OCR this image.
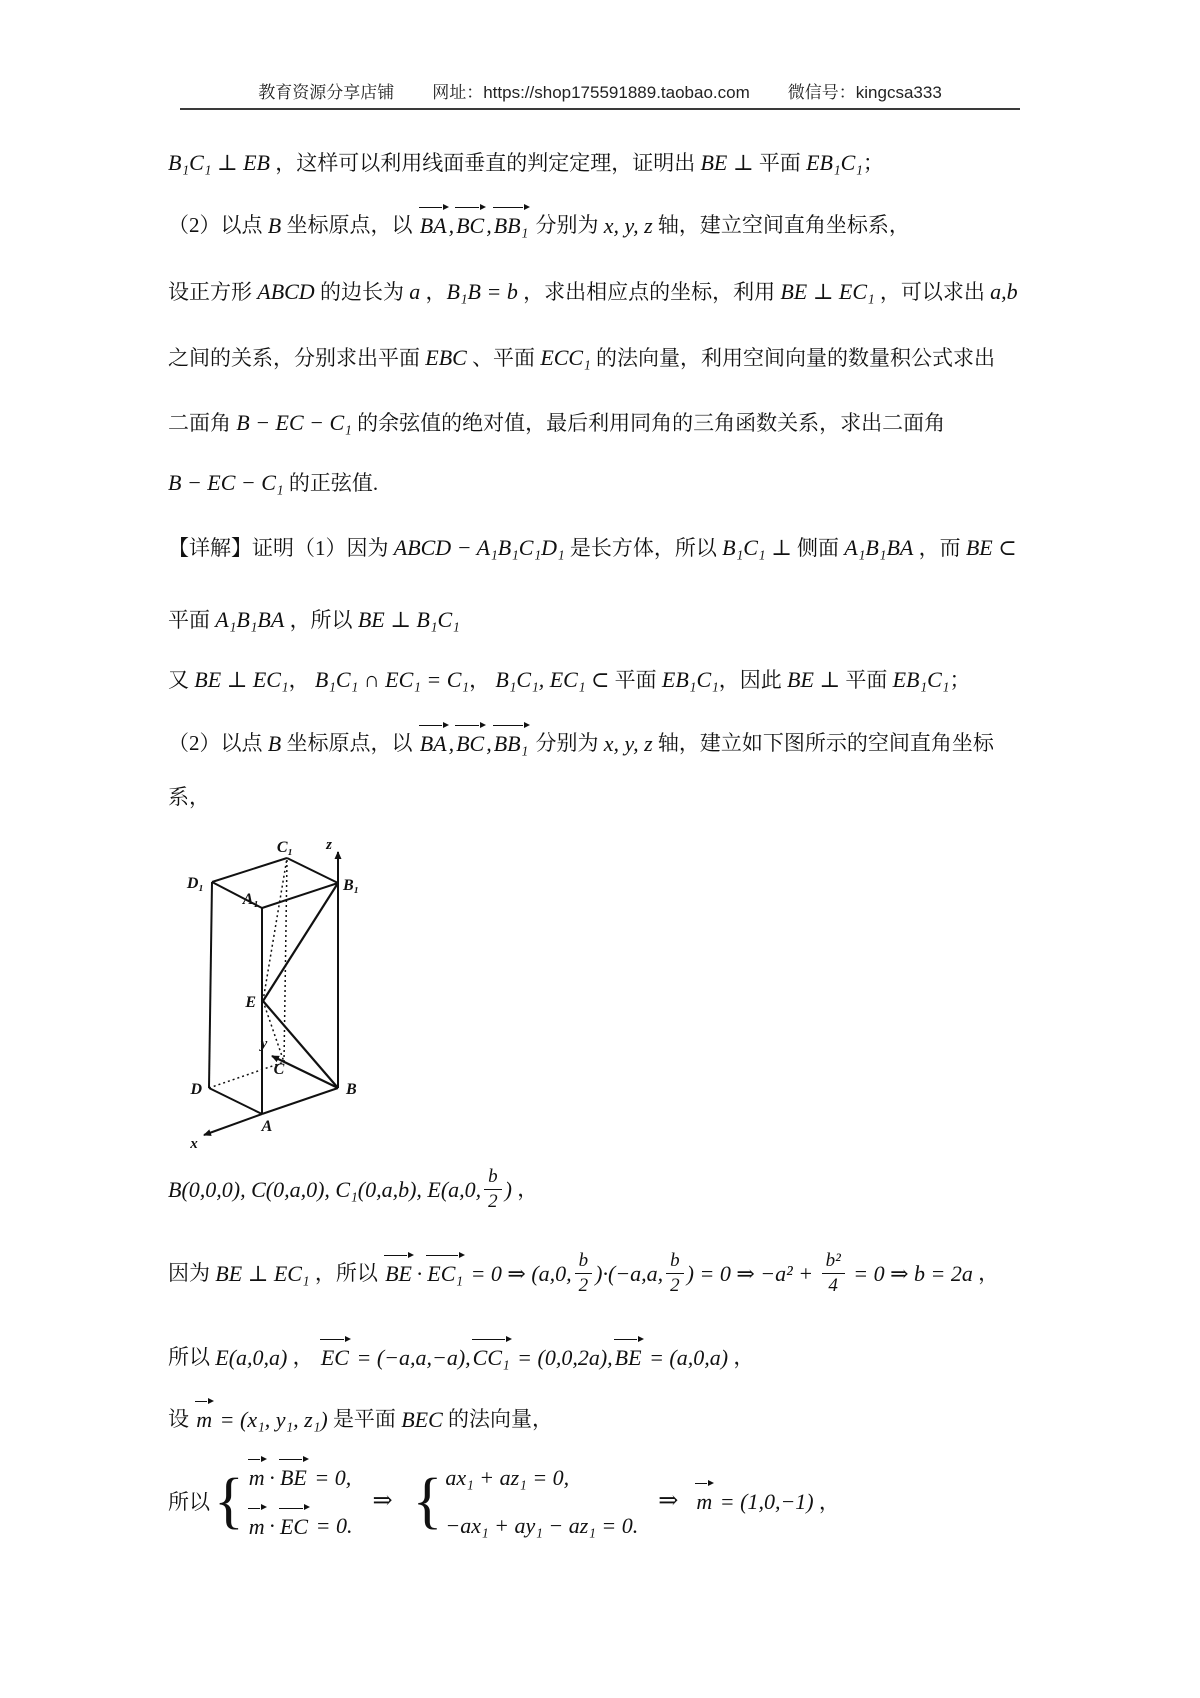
教育资源分享店铺 网址：https://shop175591889.taobao.com 微信号：kingcsa333
B₁C₁ ⊥ EB ，这样可以利用线面垂直的判定定理，证明出 BE ⊥ 平面 EB₁C₁ ；
（2）以点 B 坐标原点，以 BA , BC , BB₁ 分别为 x, y, z 轴，建立空间直角坐标系，
设正方形 ABCD 的边长为 a ， B₁B = b ，求出相应点的坐标，利用 BE ⊥ EC₁ ，可以求出 a,b
之间的关系，分别求出平面 EBC 、平面 ECC₁ 的法向量，利用空间向量的数量积公式求出
二面角 B − EC − C₁ 的余弦值的绝对值，最后利用同角的三角函数关系，求出二面角
B − EC − C₁ 的正弦值.
【详解】证明（1）因为 ABCD − A₁B₁C₁D₁ 是长方体，所以 B₁C₁ ⊥ 侧面 A₁B₁BA ，而 BE ⊂
平面 A₁B₁BA ，所以 BE ⊥ B₁C₁
又 BE ⊥ EC₁ ， B₁C₁ ∩ EC₁ = C₁ ， B₁C₁, EC₁ ⊂ 平面 EB₁C₁ ，因此 BE ⊥ 平面 EB₁C₁ ；
（2）以点 B 坐标原点，以 BA , BC , BB₁ 分别为 x, y, z 轴，建立如下图所示的空间直角坐标
系，
D₁
C₁
B₁
A₁
E
D
C
B
A
x
y
z
B(0,0,0), C(0,a,0), C₁(0,a,b), E(a,0, $\frac{b}{2}$ ) ，
因为 BE ⊥ EC₁ ，所以 BE · EC₁ = 0 ⇒ (a,0, $\frac{b}{2} )\cdot(-a,a$, $\frac{b}{2}$ ) = 0 ⇒ $-a^2 + \frac{\text{b²}}{4} = 0$ ⇒ b = 2a ，
所以 E(a,0,a) ， EC = (−a,a,−a), CC₁ = (0,0,2a), BE = (a,0,a) ，
设 m = (x₁, y₁, z₁) 是平面 BEC 的法向量，
所以
{ m · BE = 0,
m · EC = 0.
⇒
{ ax₁ + az₁ = 0,
−ax₁ + ay₁ − az₁ = 0.
⇒ m = (1,0,−1) ，
